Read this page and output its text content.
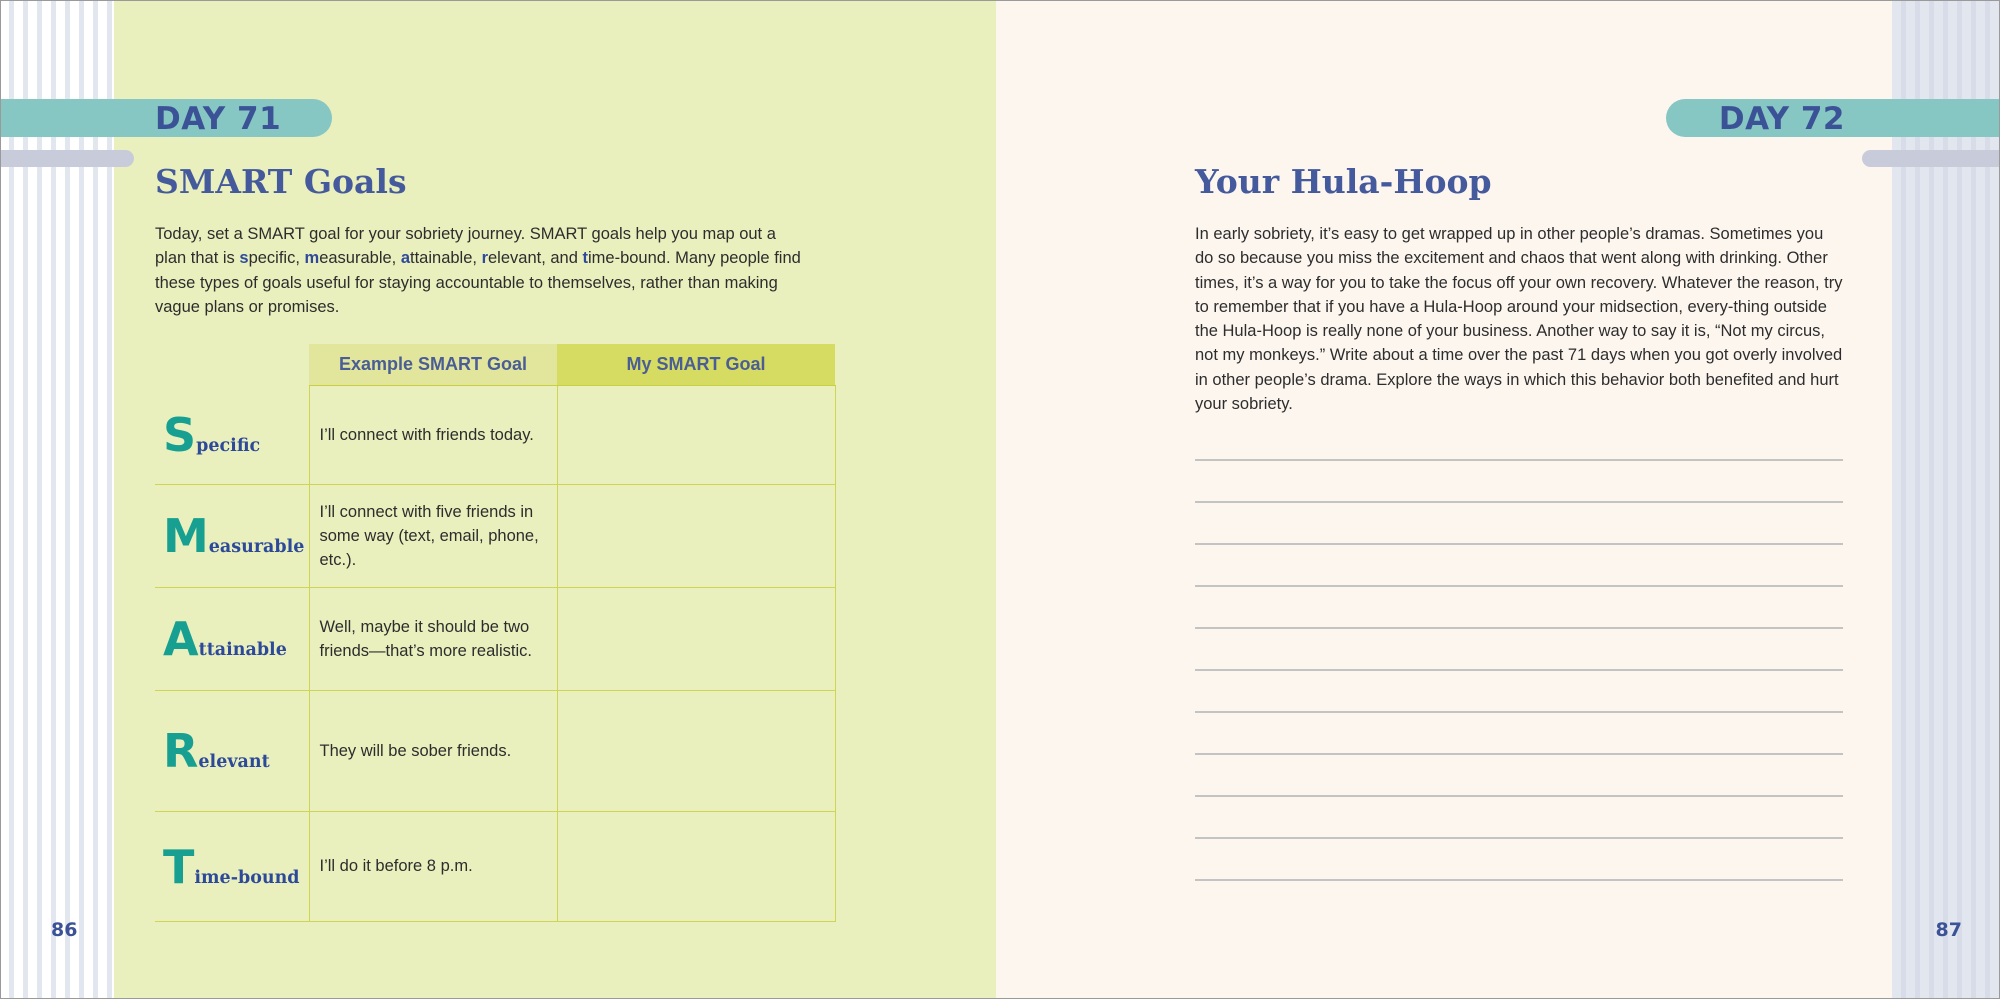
DAY 71
SMART Goals
Today, set a SMART goal for your sobriety journey. SMART goals help you map out a plan that is specific, measurable, attainable, relevant, and time-bound. Many people find these types of goals useful for staying accountable to themselves, rather than making vague plans or promises.
	Example SMART Goal	My SMART Goal
Specific	I’ll connect with friends today.	
Measurable	I’ll connect with five friends in some way (text, email, phone, etc.).	
Attainable	Well, maybe it should be two friends—that’s more realistic.	
Relevant	They will be sober friends.	
Time-bound	I’ll do it before 8 p.m.	
86
DAY 72
Your Hula-Hoop
In early sobriety, it’s easy to get wrapped up in other people’s dramas. Sometimes you do so because you miss the excitement and chaos that went along with drinking. Other times, it’s a way for you to take the focus off your own recovery. Whatever the reason, try to remember that if you have a Hula-Hoop around your midsection, every-thing outside the Hula-Hoop is really none of your business. Another way to say it is, “Not my circus, not my monkeys.” Write about a time over the past 71 days when you got overly involved in other people’s drama. Explore the ways in which this behavior both benefited and hurt your sobriety.
87
